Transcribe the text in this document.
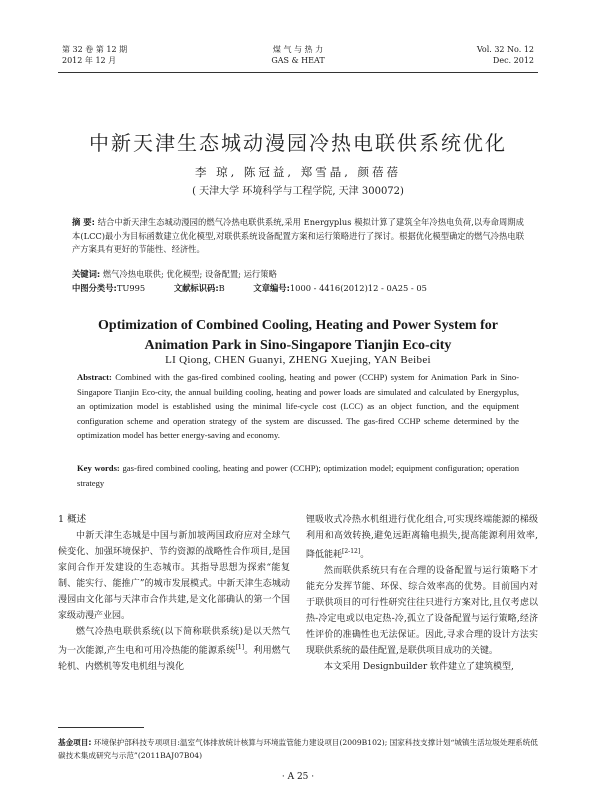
第 32 卷 第 12 期
2012 年 12 月
煤 气 与 热 力
GAS & HEAT
Vol. 32 No. 12
Dec. 2012
中新天津生态城动漫园冷热电联供系统优化
李 琼, 陈冠益, 郑雪晶, 颜蓓蓓
( 天津大学 环境科学与工程学院, 天津 300072)
摘 要: 结合中新天津生态城动漫园的燃气冷热电联供系统,采用 Energyplus 模拟计算了建筑全年冷热电负荷,以寿命周期成本(LCC)最小为目标函数建立优化模型,对联供系统设备配置方案和运行策略进行了探讨。根据优化模型确定的燃气冷热电联产方案具有更好的节能性、经济性。
关键词: 燃气冷热电联供; 优化模型; 设备配置; 运行策略
中图分类号:TU995	文献标识码:B	文章编号:1000 - 4416(2012)12 - 0A25 - 05
Optimization of Combined Cooling, Heating and Power System for
Animation Park in Sino-Singapore Tianjin Eco-city
LI Qiong, CHEN Guanyi, ZHENG Xuejing, YAN Beibei
Abstract: Combined with the gas-fired combined cooling, heating and power (CCHP) system for Animation Park in Sino-Singapore Tianjin Eco-city, the annual building cooling, heating and power loads are simulated and calculated by Energyplus, an optimization model is established using the minimal life-cycle cost (LCC) as an object function, and the equipment configuration scheme and operation strategy of the system are discussed. The gas-fired CCHP scheme determined by the optimization model has better energy-saving and economy.
Key words: gas-fired combined cooling, heating and power (CCHP); optimization model; equipment configuration; operation strategy
1 概述

中新天津生态城是中国与新加坡两国政府应对全球气候变化、加强环境保护、节约资源的战略性合作项目,是国家间合作开发建设的生态城市。其指导思想为探索“能复制、能实行、能推广”的城市发展模式。中新天津生态城动漫园由文化部与天津市合作共建,是文化部确认的第一个国家级动漫产业园。

燃气冷热电联供系统(以下简称联供系统)是以天然气为一次能源,产生电和可用冷热能的能源系统[1]。利用燃气轮机、内燃机等发电机组与溴化

锂吸收式冷热水机组进行优化组合,可实现终端能源的梯级利用和高效转换,避免远距离输电损失,提高能源利用效率,降低能耗[2-12]。

然而联供系统只有在合理的设备配置与运行策略下才能充分发挥节能、环保、综合效率高的优势。目前国内对于联供项目的可行性研究往往只进行方案对比,且仅考虑以热-冷定电或以电定热-冷,孤立了设备配置与运行策略,经济性评价的准确性也无法保证。因此,寻求合理的设计方法实现联供系统的最佳配置,是联供项目成功的关键。

本文采用 Designbuilder 软件建立了建筑模型,

基金项目: 环境保护部科技专项项目:温室气体排放统计核算与环境监管能力建设项目(2009B102); 国家科技支撑计划“城镇生活垃圾处理系统低碳技术集成研究与示范”(2011BAJ07B04)
· A 25 ·
